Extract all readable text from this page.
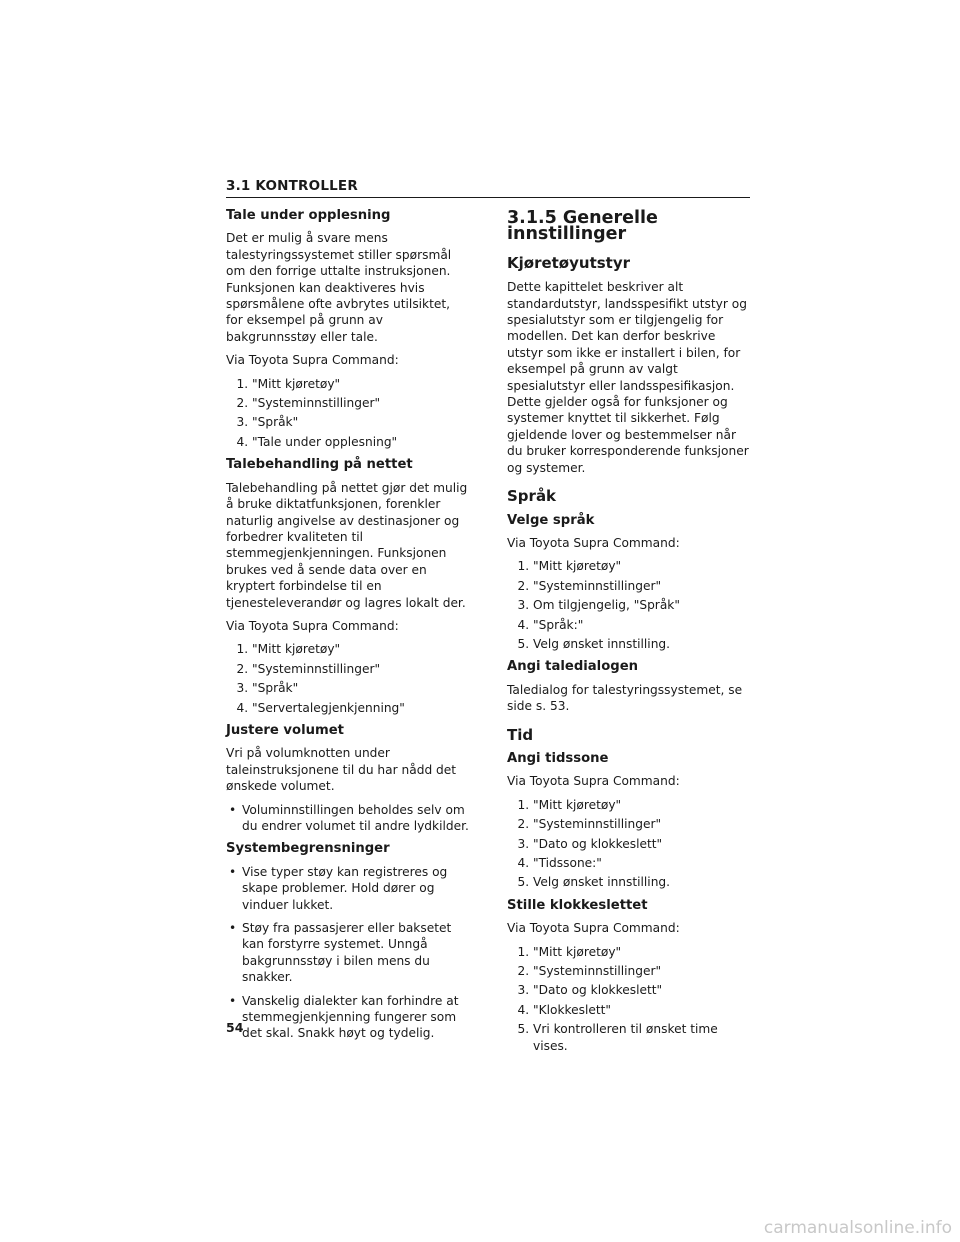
3.1 KONTROLLER
Tale under opplesning

Det er mulig å svare mens talestyringssystemet stiller spørsmål om den forrige uttalte instruksjonen. Funksjonen kan deaktiveres hvis spørsmålene ofte avbrytes utilsiktet, for eksempel på grunn av bakgrunnsstøy eller tale.

Via Toyota Supra Command:

1. "Mitt kjøretøy"
2. "Systeminnstillinger"
3. "Språk"
4. "Tale under opplesning"
Talebehandling på nettet

Talebehandling på nettet gjør det mulig å bruke diktatfunksjonen, forenkler naturlig angivelse av destinasjoner og forbedrer kvaliteten til stemmegjenkjenningen. Funksjonen brukes ved å sende data over en kryptert forbindelse til en tjenesteleverandør og lagres lokalt der.

Via Toyota Supra Command:

1. "Mitt kjøretøy"
2. "Systeminnstillinger"
3. "Språk"
4. "Servertalegjenkjenning"
Justere volumet

Vri på volumknotten under taleinstruksjonene til du har nådd det ønskede volumet.

• Voluminnstillingen beholdes selv om du endrer volumet til andre lydkilder.
Systembegrensninger
• Vise typer støy kan registreres og skape problemer. Hold dører og vinduer lukket.
• Støy fra passasjerer eller baksetet kan forstyrre systemet. Unngå bakgrunnsstøy i bilen mens du snakker.
• Vanskelig dialekter kan forhindre at stemmegjenkjenning fungerer som det skal. Snakk høyt og tydelig.
3.1.5 Generelle innstillinger
Kjøretøyutstyr

Dette kapittelet beskriver alt standardutstyr, landsspesifikt utstyr og spesialutstyr som er tilgjengelig for modellen. Det kan derfor beskrive utstyr som ikke er installert i bilen, for eksempel på grunn av valgt spesialutstyr eller landsspesifikasjon. Dette gjelder også for funksjoner og systemer knyttet til sikkerhet. Følg gjeldende lover og bestemmelser når du bruker korresponderende funksjoner og systemer.

Språk
Velge språk

Via Toyota Supra Command:

1. "Mitt kjøretøy"
2. "Systeminnstillinger"
3. Om tilgjengelig, "Språk"
4. "Språk:"
5. Velg ønsket innstilling.
Angi taledialogen

Taledialog for talestyringssystemet, se side s. 53.

Tid
Angi tidssone

Via Toyota Supra Command:

1. "Mitt kjøretøy"
2. "Systeminnstillinger"
3. "Dato og klokkeslett"
4. "Tidssone:"
5. Velg ønsket innstilling.
Stille klokkeslettet

Via Toyota Supra Command:

1. "Mitt kjøretøy"
2. "Systeminnstillinger"
3. "Dato og klokkeslett"
4. "Klokkeslett"
5. Vri kontrolleren til ønsket time vises.
54
carmanualsonline.info
